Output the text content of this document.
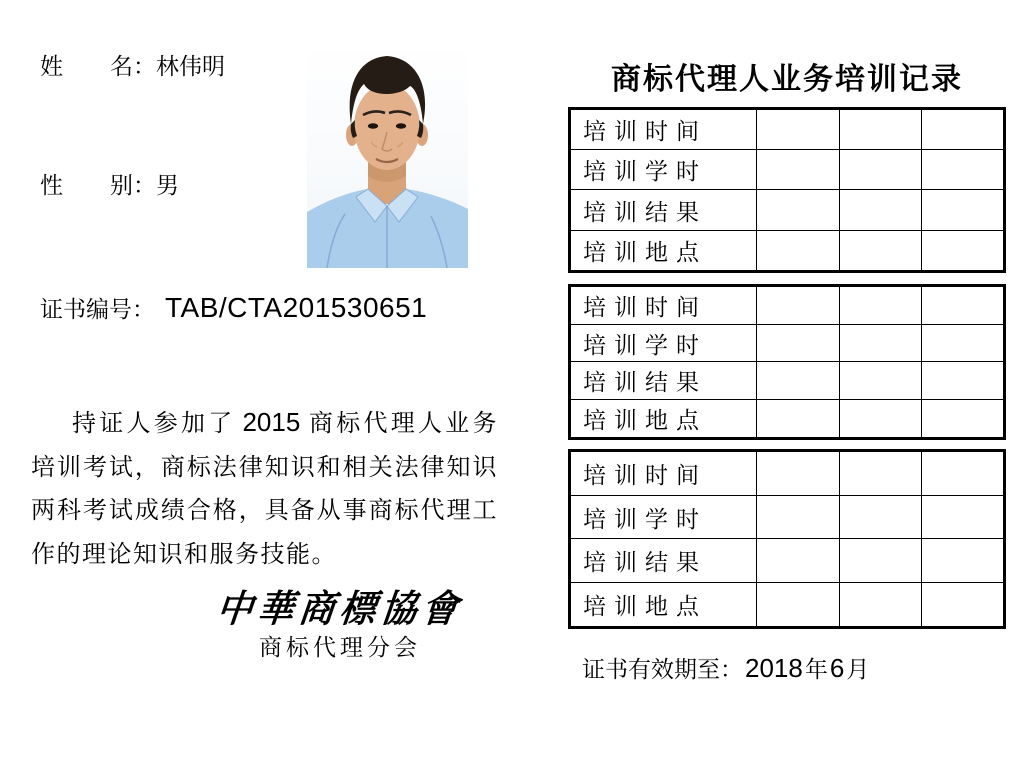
姓 名：林伟明
性 别：男
证书编号： TAB/CTA201530651

持证人参加了 2015 商标代理人业务培训考试，商标法律知识和相关法律知识两科考试成绩合格，具备从事商标代理工作的理论知识和服务技能。

中華商標協會
商标代理分会
商标代理人业务培训记录
培训时间			
培训学时			
培训结果			
培训地点			
培训时间			
培训学时			
培训结果			
培训地点			
培训时间			
培训学时			
培训结果			
培训地点			
证书有效期至：2018年6月
